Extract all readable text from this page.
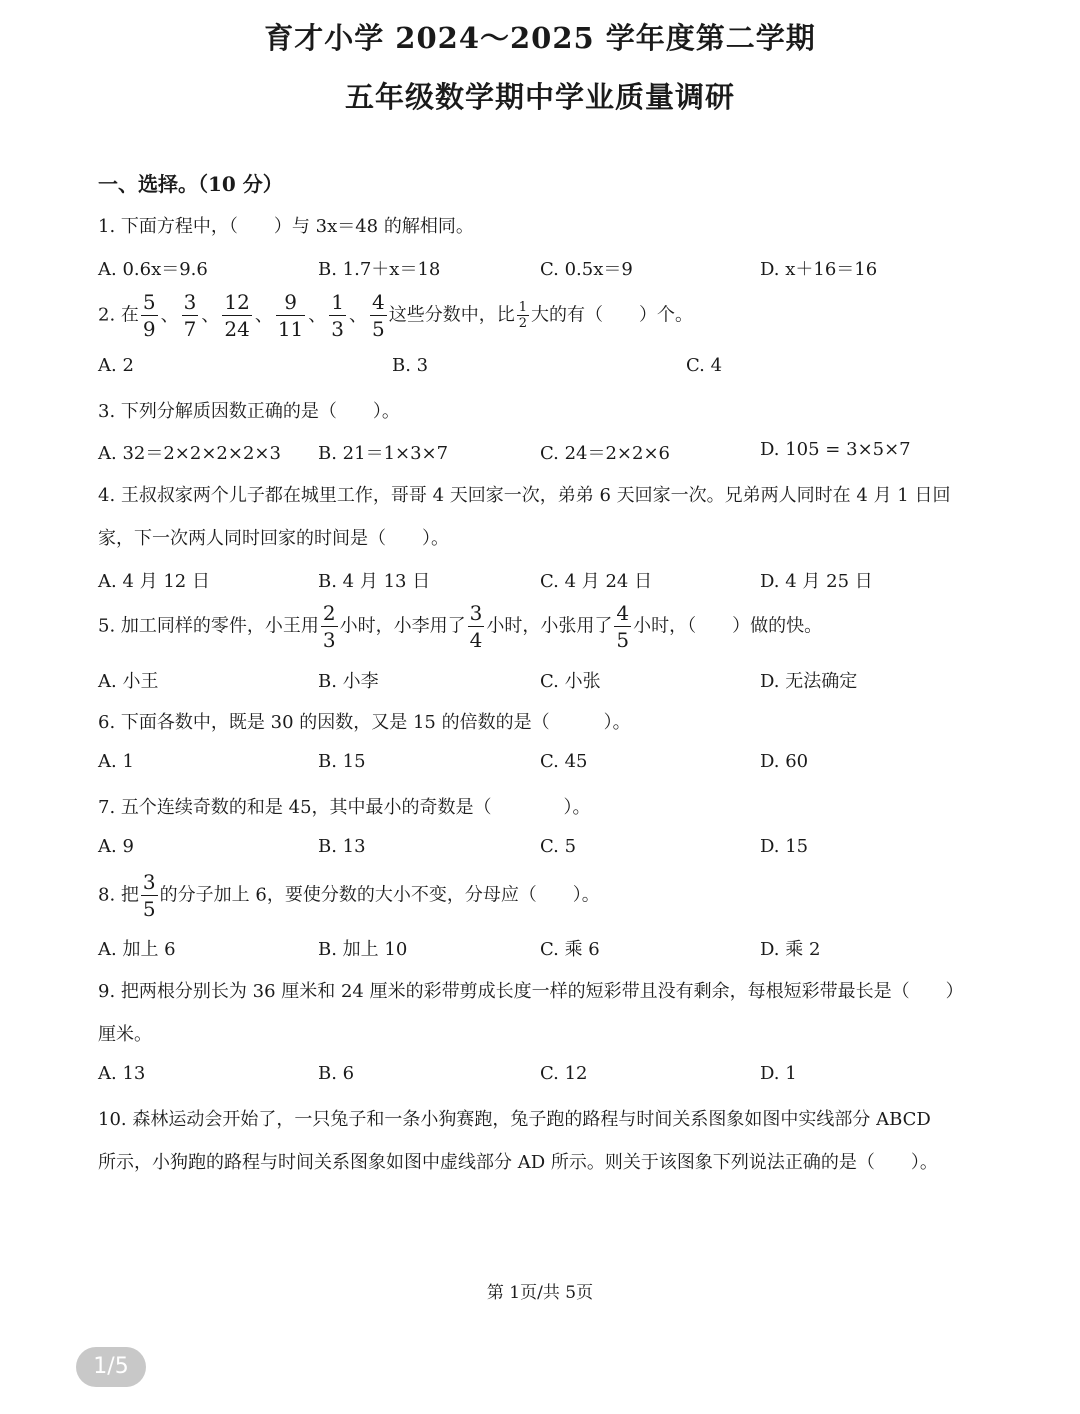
育才小学 2024～2025 学年度第二学期
五年级数学期中学业质量调研
一、选择。（10 分）
1. 下面方程中，（　　）与 3x＝48 的解相同。
A. 0.6x＝9.6	B. 1.7＋x＝18	C. 0.5x＝9	D. x＋16＝16
2. 在 $\frac{5}{9}$ 、 $\frac{3}{7}$ 、 $\frac{12}{24}$ 、 $\frac{9}{11}$ 、 $\frac{1}{3}$ 、 $\frac{4}{5}$ 这些分数中，比 $\frac{1}{2}$ 大的有（　　）个。
A. 2	B. 3	C. 4
3. 下列分解质因数正确的是（　　）。
A. 32＝2×2×2×2×3 B. 21＝1×3×7	C. 24＝2×2×6	D. 105 = 3×5×7
4. 王叔叔家两个儿子都在城里工作，哥哥 4 天回家一次，弟弟 6 天回家一次。兄弟两人同时在 4 月 1 日回
家，下一次两人同时回家的时间是（　　）。
A. 4 月 12 日	B. 4 月 13 日	C. 4 月 24 日	D. 4 月 25 日
5. 加工同样的零件，小王用 $\frac{2}{3}$ 小时，小李用了 $\frac{3}{4}$ 小时，小张用了 $\frac{4}{5}$ 小时，（　　）做的快。
A. 小王	B. 小李	C. 小张	D. 无法确定
6. 下面各数中，既是 30 的因数，又是 15 的倍数的是（　　　）。
A. 1	B. 15	C. 45	D. 60
7. 五个连续奇数的和是 45，其中最小的奇数是（　　　　）。
A. 9	B. 13	C. 5	D. 15
8. 把 $\frac{3}{5}$ 的分子加上 6，要使分数的大小不变，分母应（　　）。
A. 加上 6	B. 加上 10	C. 乘 6	D. 乘 2
9. 把两根分别长为 36 厘米和 24 厘米的彩带剪成长度一样的短彩带且没有剩余，每根短彩带最长是（　　）
厘米。
A. 13	B. 6	C. 12	D. 1
10. 森林运动会开始了，一只兔子和一条小狗赛跑，兔子跑的路程与时间关系图象如图中实线部分 ABCD
所示，小狗跑的路程与时间关系图象如图中虚线部分 AD 所示。则关于该图象下列说法正确的是（　　）。
第 1页/共 5页
1/5
